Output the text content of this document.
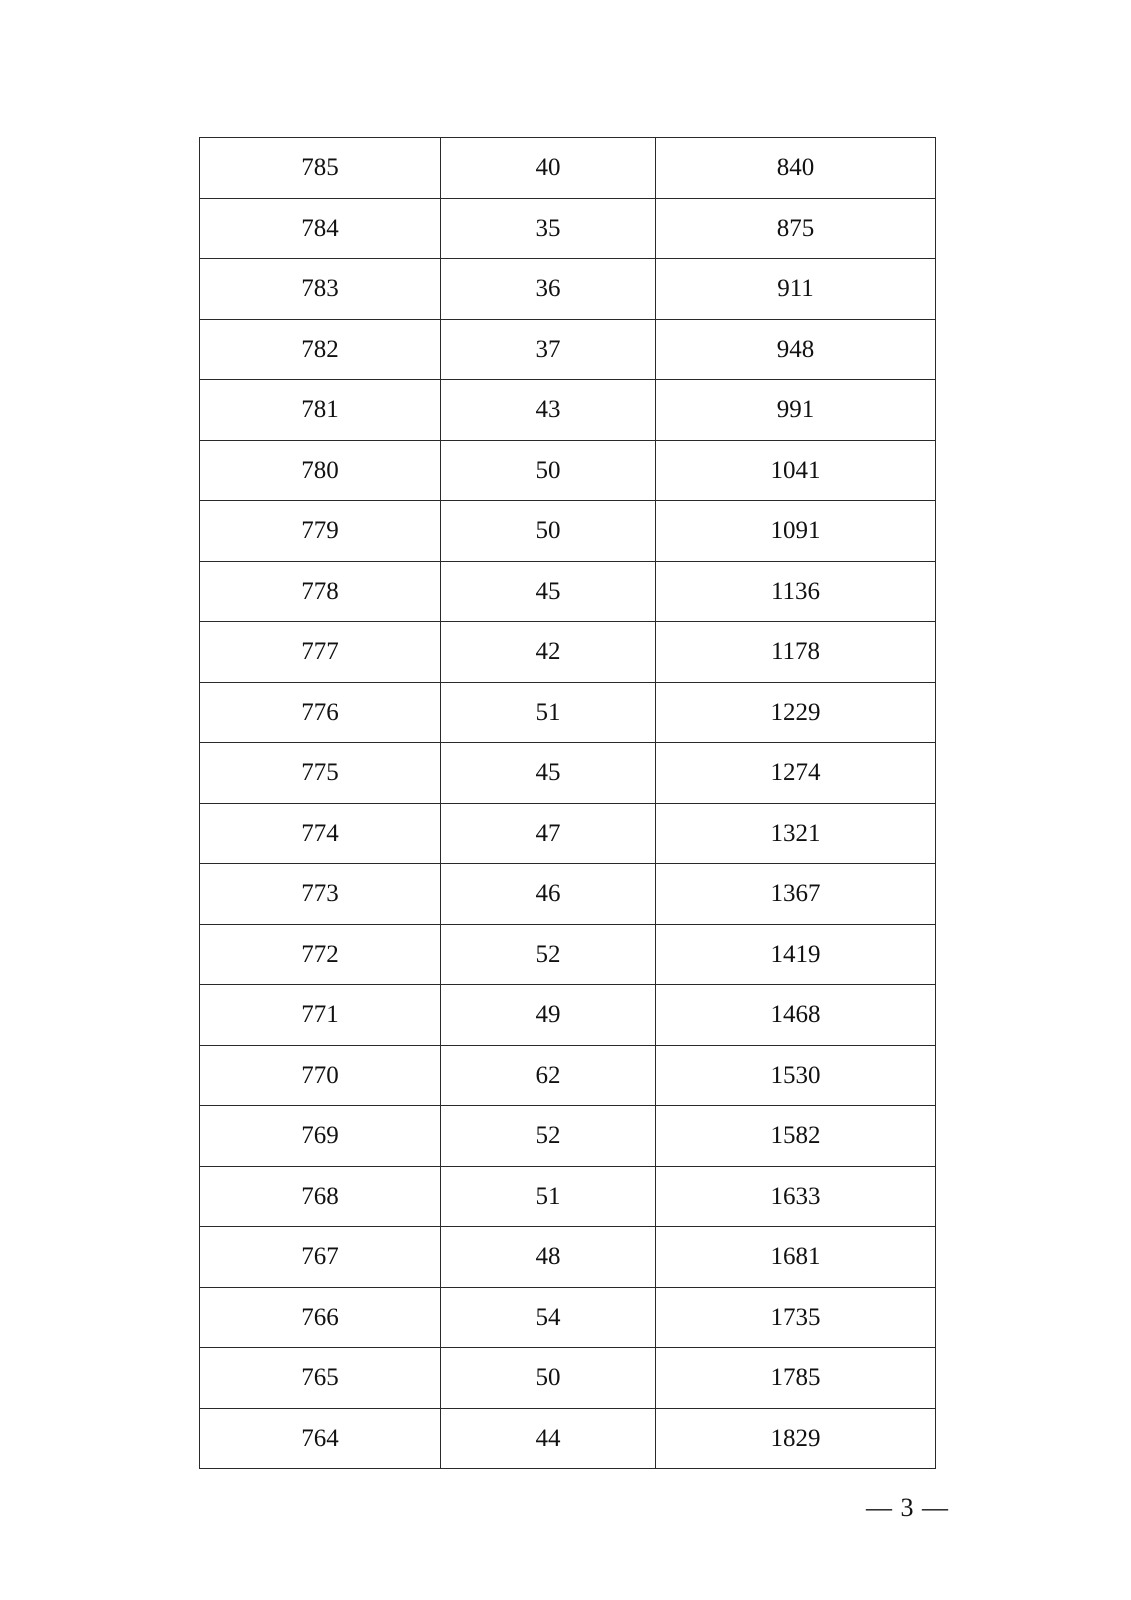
785	40	840
784	35	875
783	36	911
782	37	948
781	43	991
780	50	1041
779	50	1091
778	45	1136
777	42	1178
776	51	1229
775	45	1274
774	47	1321
773	46	1367
772	52	1419
771	49	1468
770	62	1530
769	52	1582
768	51	1633
767	48	1681
766	54	1735
765	50	1785
764	44	1829
— 3 —
